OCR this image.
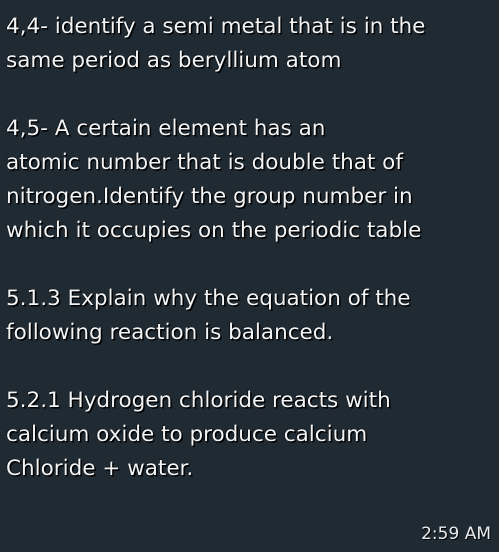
4,4- identify a semi metal that is in the
same period as beryllium atom
4,5- A certain element has an
atomic number that is double that of
nitrogen.Identify the group number in
which it occupies on the periodic table
5.1.3 Explain why the equation of the
following reaction is balanced.
5.2.1 Hydrogen chloride reacts with
calcium oxide to produce calcium
Chloride + water.
2:59 AM
